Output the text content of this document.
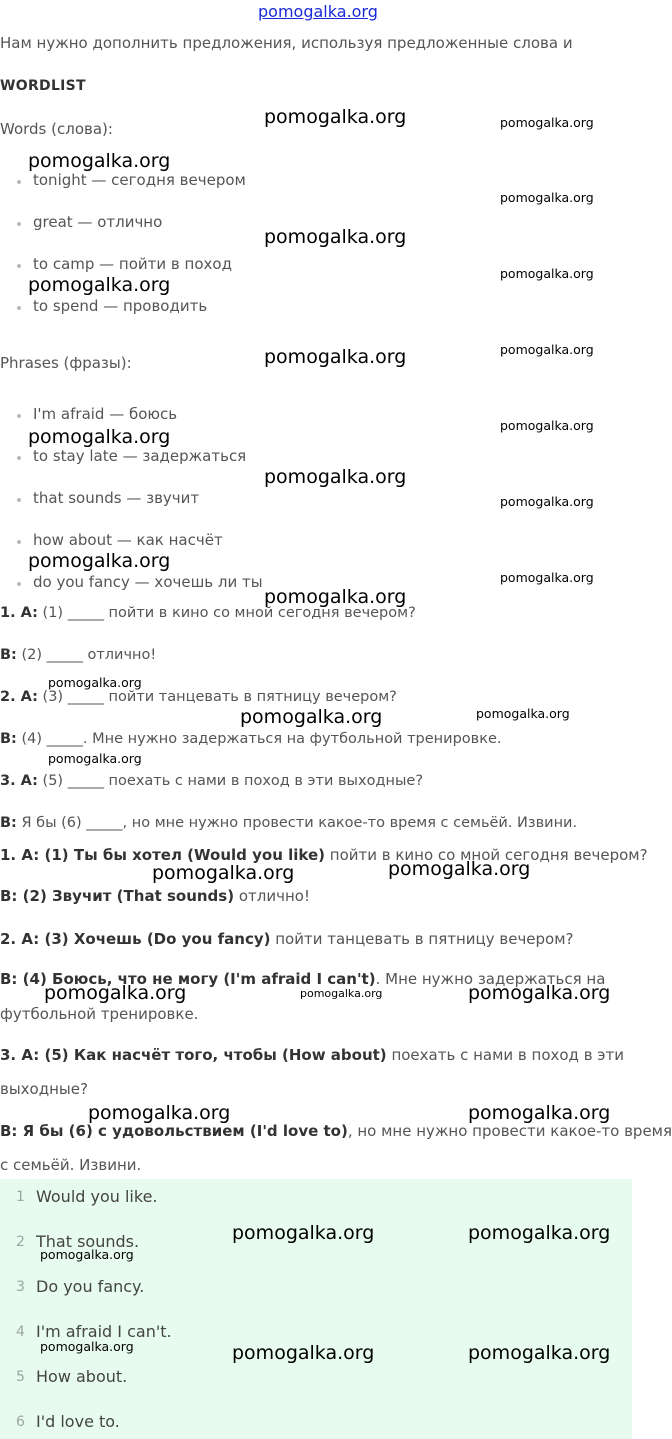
pomogalka.org
Нам нужно дополнить предложения, используя предложенные слова и
WORDLIST
Words (слова):
tonight — сегодня вечером
great — отлично
to camp — пойти в поход
to spend — проводить
Phrases (фразы):
I'm afraid — боюсь
to stay late — задержаться
that sounds — звучит
how about — как насчёт
do you fancy — хочешь ли ты
1. A: (1) _____ пойти в кино со мной сегодня вечером?
B: (2) _____ отлично!
2. A: (3) _____ пойти танцевать в пятницу вечером?
B: (4) _____. Мне нужно задержаться на футбольной тренировке.
3. A: (5) _____ поехать с нами в поход в эти выходные?
B: Я бы (6) _____, но мне нужно провести какое-то время с семьёй. Извини.
1. A: (1) Ты бы хотел (Would you like) пойти в кино со мной сегодня вечером?
B: (2) Звучит (That sounds) отлично!
2. A: (3) Хочешь (Do you fancy) пойти танцевать в пятницу вечером?
B: (4) Боюсь, что не могу (I'm afraid I can't). Мне нужно задержаться на
футбольной тренировке.
3. A: (5) Как насчёт того, чтобы (How about) поехать с нами в поход в эти
выходные?
B: Я бы (6) с удовольствием (I'd love to), но мне нужно провести какое-то время
с семьёй. Извини.
1 Would you like.
2 That sounds.
3 Do you fancy.
4 I'm afraid I can't.
5 How about.
6 I'd love to.
pomogalka.org
pomogalka.org
pomogalka.org
pomogalka.org
pomogalka.org
pomogalka.org
pomogalka.org
pomogalka.org
pomogalka.org
pomogalka.org
pomogalka.org	pomogalka.org
pomogalka.org	pomogalka.org
pomogalka.org	pomogalka.org
pomogalka.org	pomogalka.org
pomogalka.org	pomogalka.org
pomogalka.org
pomogalka.org
pomogalka.org
pomogalka.org
pomogalka.org
pomogalka.org
pomogalka.org
pomogalka.org
pomogalka.org
pomogalka.org
pomogalka.org
pomogalka.org
pomogalka.org
